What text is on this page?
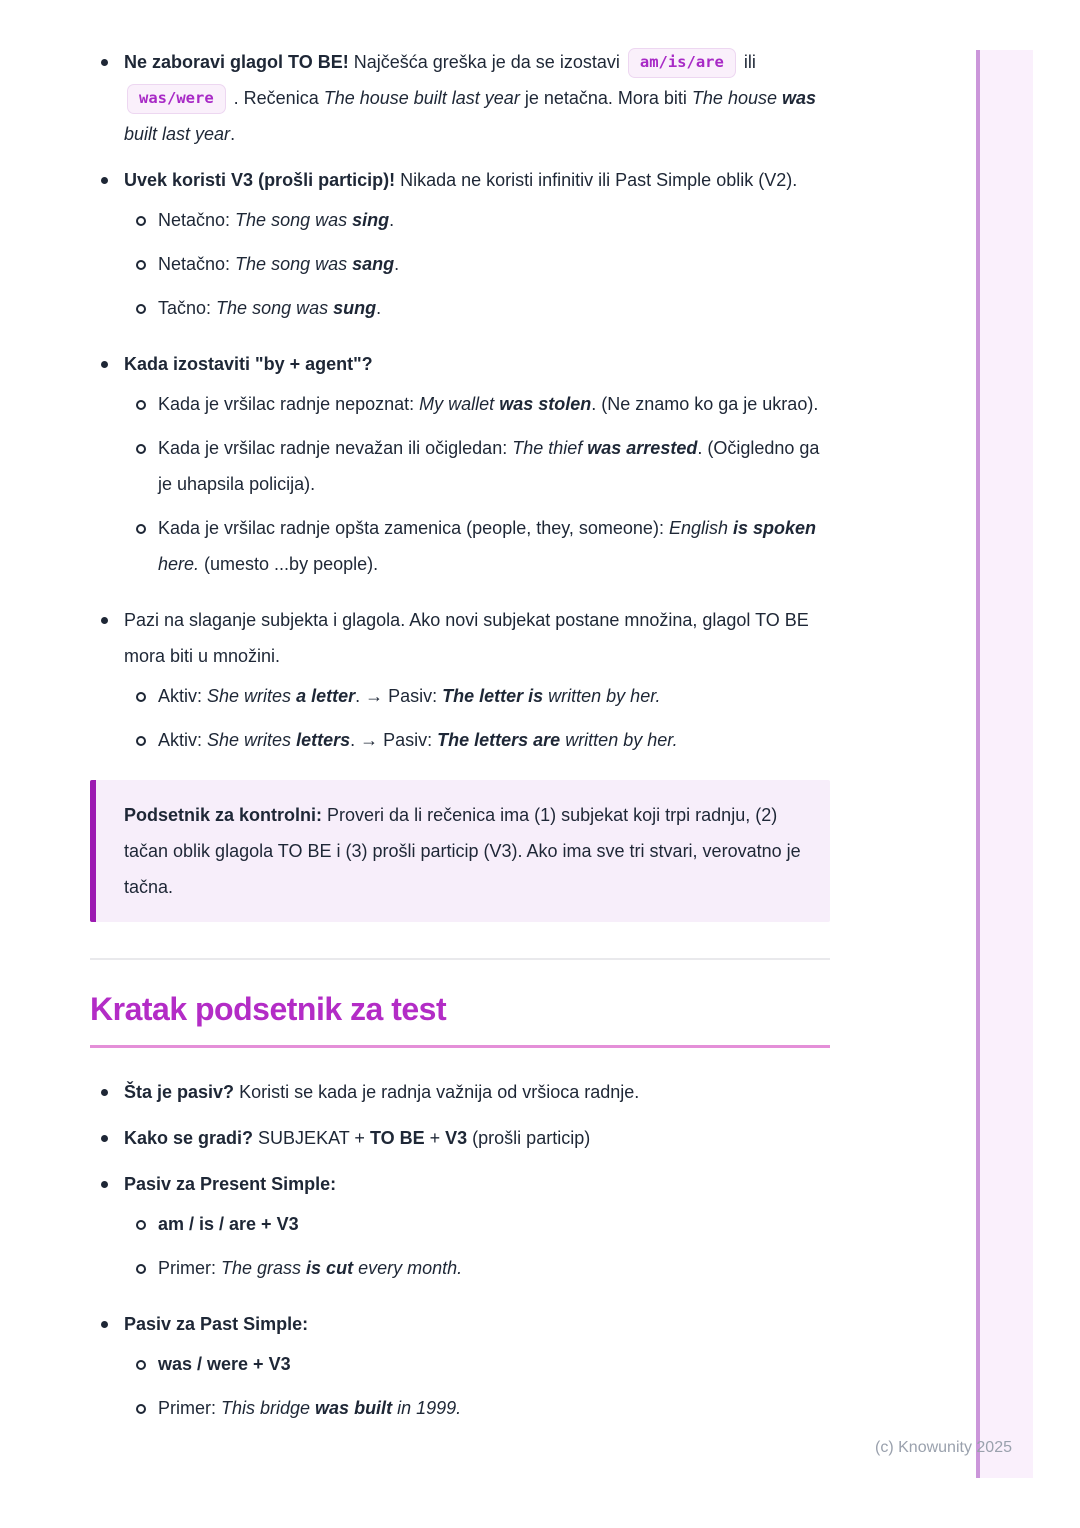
Ne zaboravi glagol TO BE! Najčešća greška je da se izostavi am/is/are ili was/were . Rečenica The house built last year je netačna. Mora biti The house was built last year.
Uvek koristi V3 (prošli particip)! Nikada ne koristi infinitiv ili Past Simple oblik (V2).
Netačno: The song was sing.
Netačno: The song was sang.
Tačno: The song was sung.
Kada izostaviti "by + agent"?
Kada je vršilac radnje nepoznat: My wallet was stolen. (Ne znamo ko ga je ukrao).
Kada je vršilac radnje nevažan ili očigledan: The thief was arrested. (Očigledno ga je uhapsila policija).
Kada je vršilac radnje opšta zamenica (people, they, someone): English is spoken here. (umesto ...by people).
Pazi na slaganje subjekta i glagola. Ako novi subjekat postane množina, glagol TO BE mora biti u množini.
Aktiv: She writes a letter. → Pasiv: The letter is written by her.
Aktiv: She writes letters. → Pasiv: The letters are written by her.

Podsetnik za kontrolni: Proveri da li rečenica ima (1) subjekat koji trpi radnju, (2) tačan oblik glagola TO BE i (3) prošli particip (V3). Ako ima sve tri stvari, verovatno je tačna.

Kratak podsetnik za test
Šta je pasiv? Koristi se kada je radnja važnija od vršioca radnje.
Kako se gradi? SUBJEKAT + TO BE + V3 (prošli particip)
Pasiv za Present Simple:
am / is / are + V3
Primer: The grass is cut every month.
Pasiv za Past Simple:
was / were + V3
Primer: This bridge was built in 1999.
(c) Knowunity 2025
